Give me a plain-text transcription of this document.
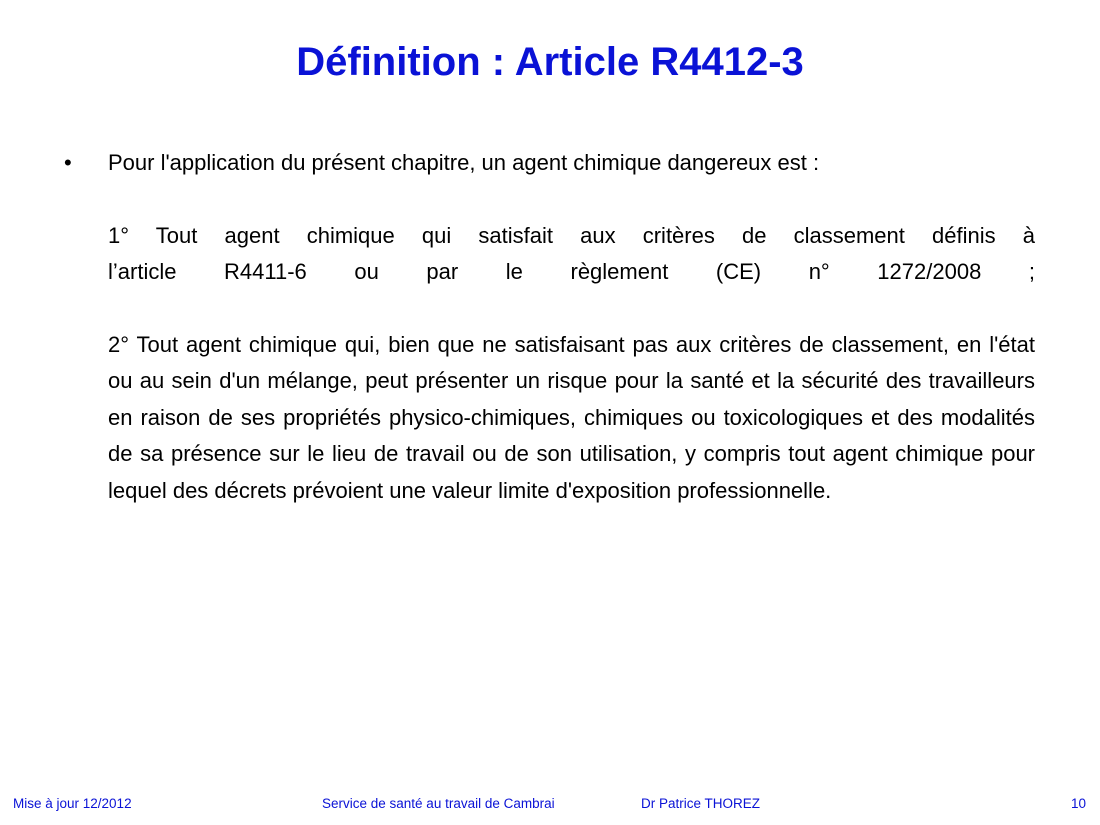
Définition : Article R4412-3
• Pour l'application du présent chapitre, un agent chimique dangereux est :

1° Tout agent chimique qui satisfait aux critères de classement définis à

l’article R4411-6 ou par le règlement (CE) n° 1272/2008 ;

2° Tout agent chimique qui, bien que ne satisfaisant pas aux critères de classement, en l'état ou au sein d'un mélange, peut présenter un risque pour la santé et la sécurité des travailleurs en raison de ses propriétés physico-chimiques, chimiques ou toxicologiques et des modalités de sa présence sur le lieu de travail ou de son utilisation, y compris tout agent chimique pour lequel des décrets prévoient une valeur limite d'exposition professionnelle.

Mise à jour 12/2012	Service de santé au travail de Cambrai	Dr Patrice THOREZ	10
